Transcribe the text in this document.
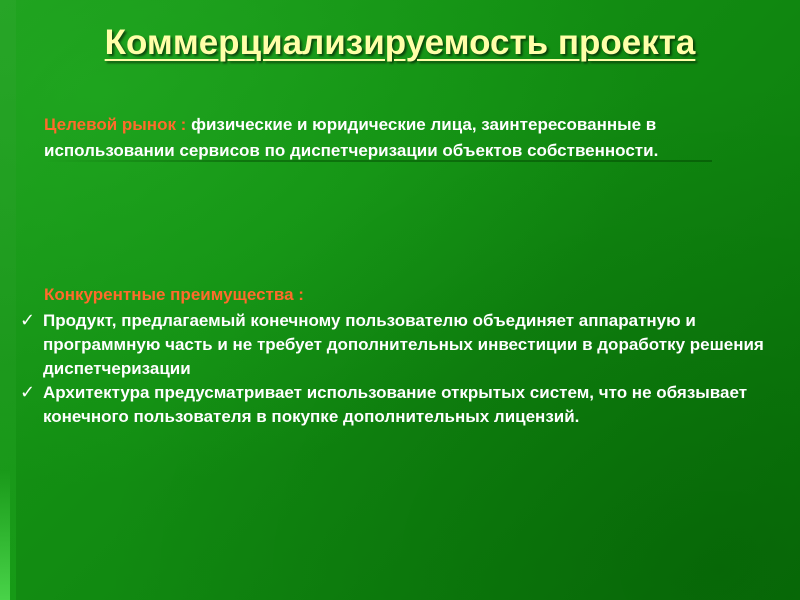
Коммерциализируемость проекта
Целевой рынок : физические и юридические лица, заинтересованные в использовании сервисов по диспетчеризации объектов собственности.
Конкурентные преимущества :
✓ Продукт, предлагаемый конечному пользователю объединяет аппаратную и программную часть и не требует дополнительных инвестиции в доработку решения диспетчеризации
✓ Архитектура предусматривает использование открытых систем, что не обязывает конечного пользователя в покупке дополнительных лицензий.
